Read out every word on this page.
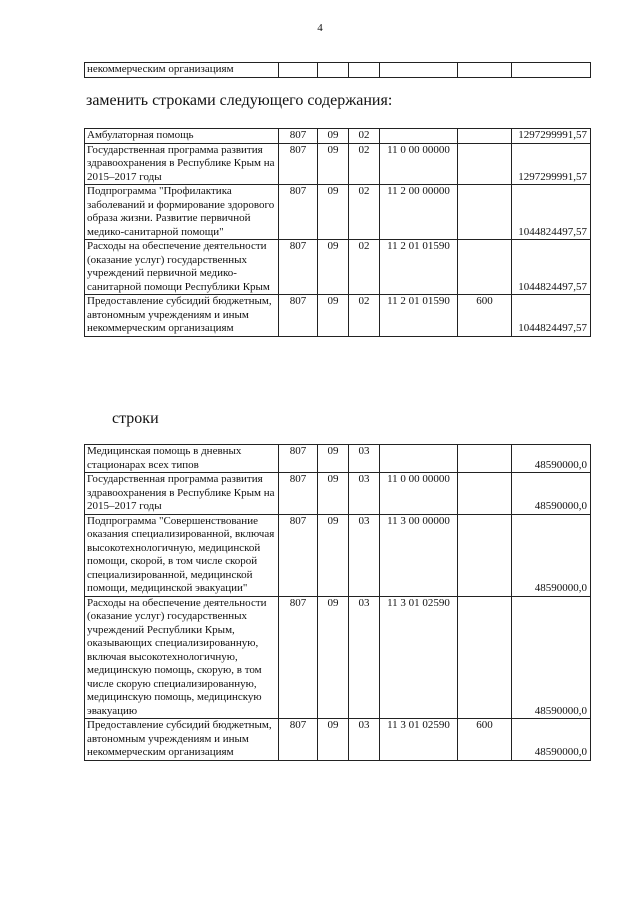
4
некоммерческим организациям						
заменить строками следующего содержания:
Амбулаторная помощь	807	09	02			1297299991,57
Государственная программа развития здравоохранения в Республике Крым на 2015–2017 годы	807	09	02	11 0 00 00000		1297299991,57
Подпрограмма "Профилактика заболеваний и формирование здорового образа жизни. Развитие первичной медико-санитарной помощи"	807	09	02	11 2 00 00000		1044824497,57
Расходы на обеспечение деятельности (оказание услуг) государственных учреждений первичной медико-санитарной помощи Республики Крым	807	09	02	11 2 01 01590		1044824497,57
Предоставление субсидий бюджетным, автономным учреждениям и иным некоммерческим организациям	807	09	02	11 2 01 01590	600	1044824497,57
строки
Медицинская помощь в дневных стационарах всех типов	807	09	03			48590000,0
Государственная программа развития здравоохранения в Республике Крым на 2015–2017 годы	807	09	03	11 0 00 00000		48590000,0
Подпрограмма "Совершенствование оказания специализированной, включая высокотехнологичную, медицинской помощи, скорой, в том числе скорой специализированной, медицинской помощи, медицинской эвакуации"	807	09	03	11 3 00 00000		48590000,0
Расходы на обеспечение деятельности (оказание услуг) государственных учреждений Республики Крым, оказывающих специализированную, включая высокотехнологичную, медицинскую помощь, скорую, в том числе скорую специализированную, медицинскую помощь, медицинскую эвакуацию	807	09	03	11 3 01 02590		48590000,0
Предоставление субсидий бюджетным, автономным учреждениям и иным некоммерческим организациям	807	09	03	11 3 01 02590	600	48590000,0
